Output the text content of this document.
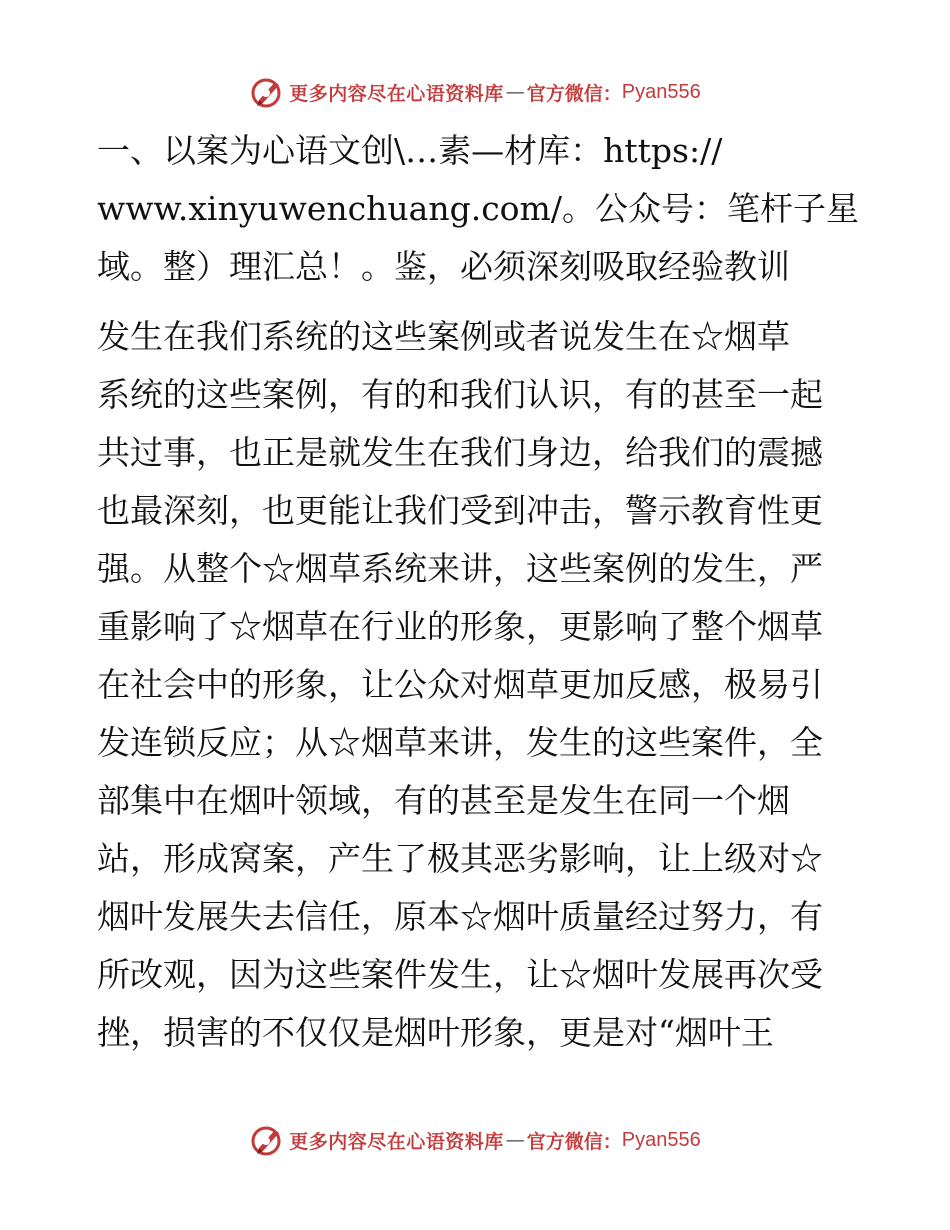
更多内容尽在心语资料库 — 官方微信： Pyan556
一、以案为心语文创\…素—材库：https://
www.xinyuwenchuang.com/。公众号：笔杆子星
域。整）理汇总！。鉴，必须深刻吸取经验教训
发生在我们系统的这些案例或者说发生在☆烟草
系统的这些案例，有的和我们认识，有的甚至一起
共过事，也正是就发生在我们身边，给我们的震撼
也最深刻，也更能让我们受到冲击，警示教育性更
强。从整个☆烟草系统来讲，这些案例的发生，严
重影响了☆烟草在行业的形象，更影响了整个烟草
在社会中的形象，让公众对烟草更加反感，极易引
发连锁反应；从☆烟草来讲，发生的这些案件，全
部集中在烟叶领域，有的甚至是发生在同一个烟
站，形成窝案，产生了极其恶劣影响，让上级对☆
烟叶发展失去信任，原本☆烟叶质量经过努力，有
所改观，因为这些案件发生，让☆烟叶发展再次受
挫，损害的不仅仅是烟叶形象，更是对“烟叶王
更多内容尽在心语资料库 — 官方微信： Pyan556
